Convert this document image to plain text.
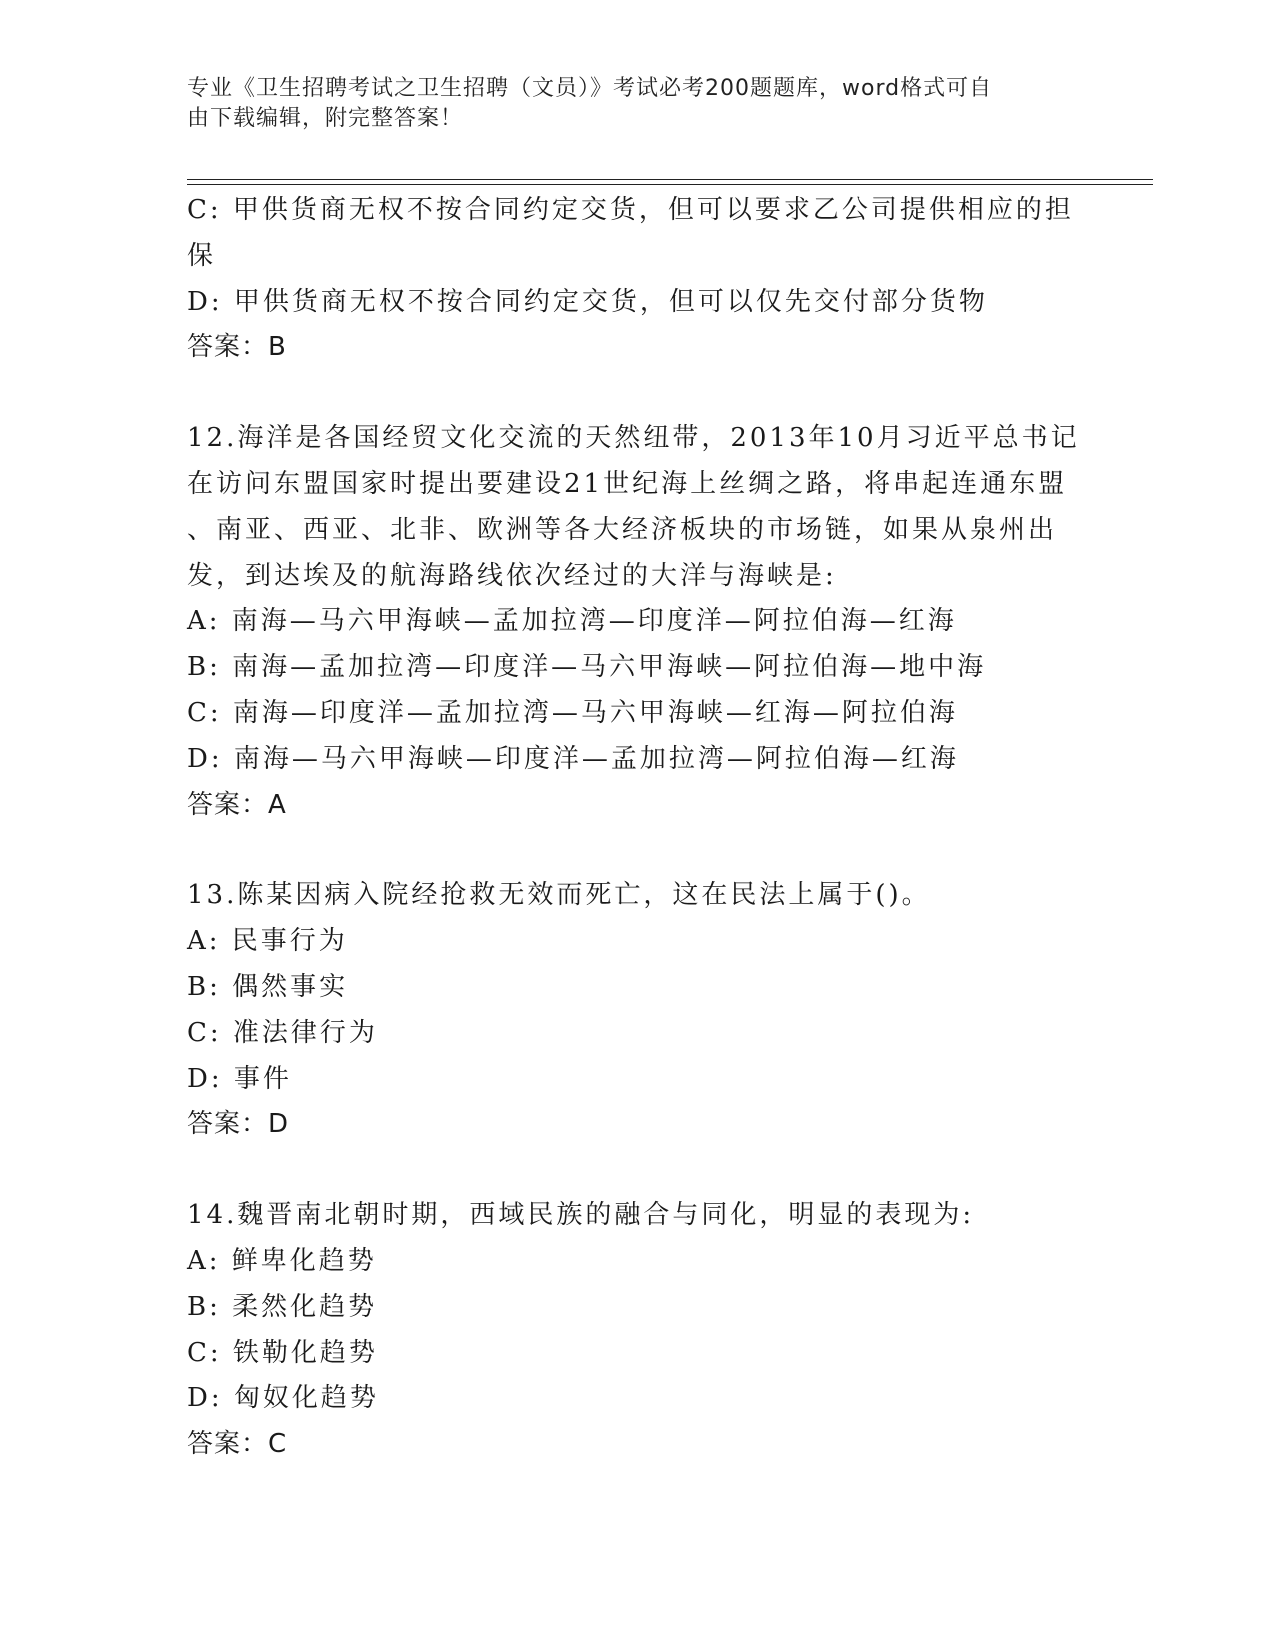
专业《卫生招聘考试之卫生招聘（文员）》考试必考200题题库，word格式可自
由下载编辑，附完整答案！
C: 甲供货商无权不按合同约定交货，但可以要求乙公司提供相应的担
保
D: 甲供货商无权不按合同约定交货，但可以仅先交付部分货物
答案：B
12.海洋是各国经贸文化交流的天然纽带，2013年10月习近平总书记
在访问东盟国家时提出要建设21世纪海上丝绸之路，将串起连通东盟
、南亚、西亚、北非、欧洲等各大经济板块的市场链，如果从泉州出
发，到达埃及的航海路线依次经过的大洋与海峡是:
A: 南海—马六甲海峡—孟加拉湾—印度洋—阿拉伯海—红海
B: 南海—孟加拉湾—印度洋—马六甲海峡—阿拉伯海—地中海
C: 南海—印度洋—孟加拉湾—马六甲海峡—红海—阿拉伯海
D: 南海—马六甲海峡—印度洋—孟加拉湾—阿拉伯海—红海
答案：A
13.陈某因病入院经抢救无效而死亡，这在民法上属于()。
A: 民事行为
B: 偶然事实
C: 准法律行为
D: 事件
答案：D
14.魏晋南北朝时期，西域民族的融合与同化，明显的表现为:
A: 鲜卑化趋势
B: 柔然化趋势
C: 铁勒化趋势
D: 匈奴化趋势
答案：C
